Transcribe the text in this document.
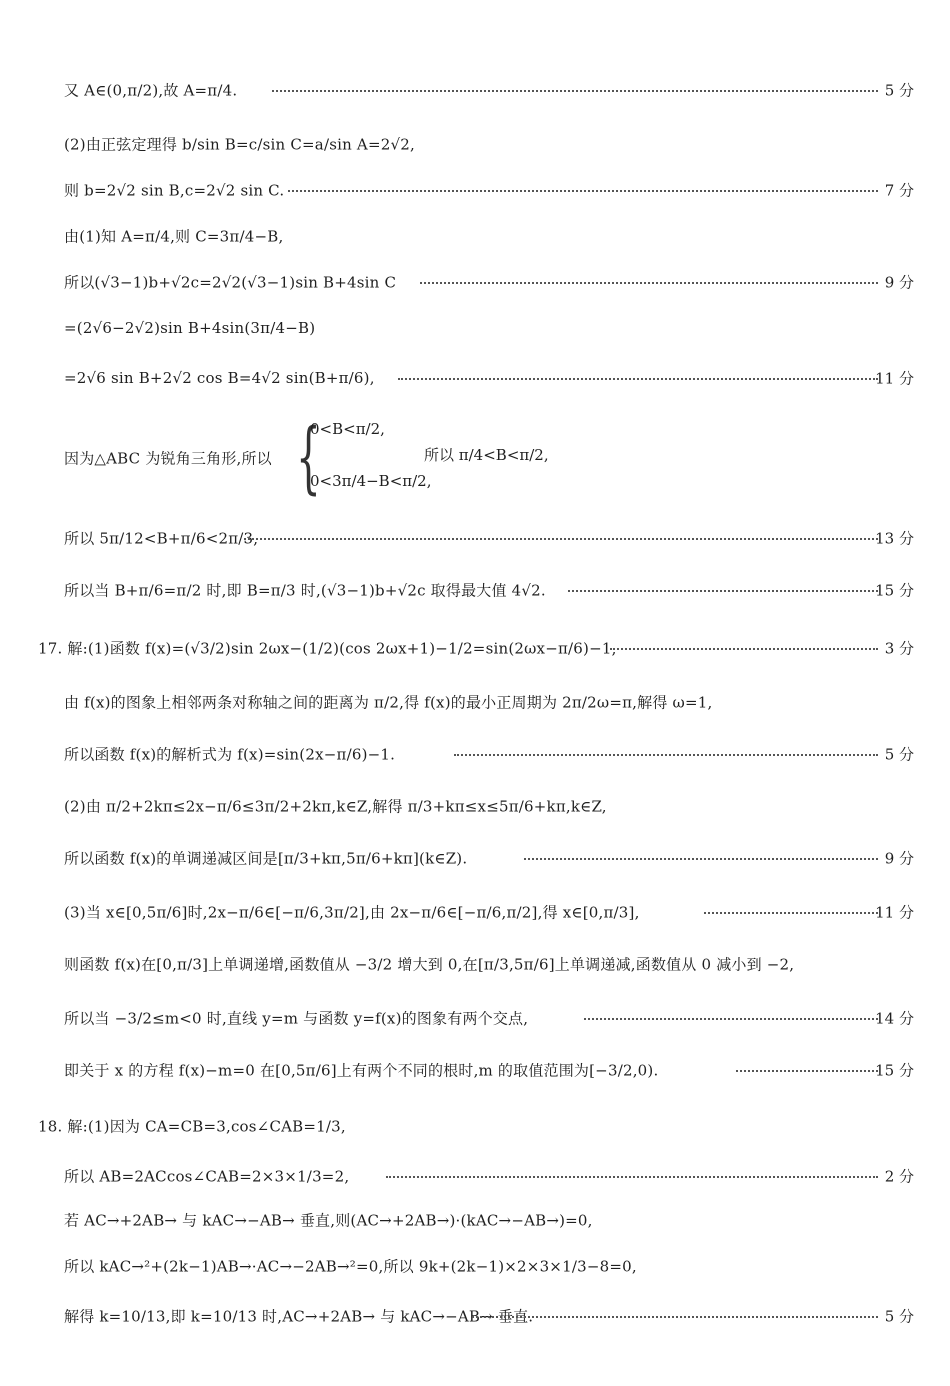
又 A∈(0,π/2),故 A=π/4.	5 分
(2)由正弦定理得 b/sin B=c/sin C=a/sin A=2√2,
则 b=2√2 sin B,c=2√2 sin C.	7 分
由(1)知 A=π/4,则 C=3π/4−B,
所以(√3−1)b+√2c=2√2(√3−1)sin B+4sin C	9 分
=(2√6−2√2)sin B+4sin(3π/4−B)
=2√6 sin B+2√2 cos B=4√2 sin(B+π/6),	11 分
因为△ABC 为锐角三角形,所以 {
0<B<π/2,
0<3π/4−B<π/2,
所以 π/4<B<π/2,
所以 5π/12<B+π/6<2π/3,	13 分
所以当 B+π/6=π/2 时,即 B=π/3 时,(√3−1)b+√2c 取得最大值 4√2.	15 分
17. 解:(1)函数 f(x)=(√3/2)sin 2ωx−(1/2)(cos 2ωx+1)−1/2=sin(2ωx−π/6)−1,	3 分
由 f(x)的图象上相邻两条对称轴之间的距离为 π/2,得 f(x)的最小正周期为 2π/2ω=π,解得 ω=1,
所以函数 f(x)的解析式为 f(x)=sin(2x−π/6)−1.	5 分
(2)由 π/2+2kπ≤2x−π/6≤3π/2+2kπ,k∈Z,解得 π/3+kπ≤x≤5π/6+kπ,k∈Z,
所以函数 f(x)的单调递减区间是[π/3+kπ,5π/6+kπ](k∈Z).	9 分
(3)当 x∈[0,5π/6]时,2x−π/6∈[−π/6,3π/2],由 2x−π/6∈[−π/6,π/2],得 x∈[0,π/3],	11 分
则函数 f(x)在[0,π/3]上单调递增,函数值从 −3/2 增大到 0,在[π/3,5π/6]上单调递减,函数值从 0 减小到 −2,
所以当 −3/2≤m<0 时,直线 y=m 与函数 y=f(x)的图象有两个交点,	14 分
即关于 x 的方程 f(x)−m=0 在[0,5π/6]上有两个不同的根时,m 的取值范围为[−3/2,0).	15 分
18. 解:(1)因为 CA=CB=3,cos∠CAB=1/3,
所以 AB=2ACcos∠CAB=2×3×1/3=2,	2 分
若 AC→+2AB→ 与 kAC→−AB→ 垂直,则(AC→+2AB→)·(kAC→−AB→)=0,
所以 kAC→²+(2k−1)AB→·AC→−2AB→²=0,所以 9k+(2k−1)×2×3×1/3−8=0,
解得 k=10/13,即 k=10/13 时,AC→+2AB→ 与 kAC→−AB→ 垂直.	5 分
